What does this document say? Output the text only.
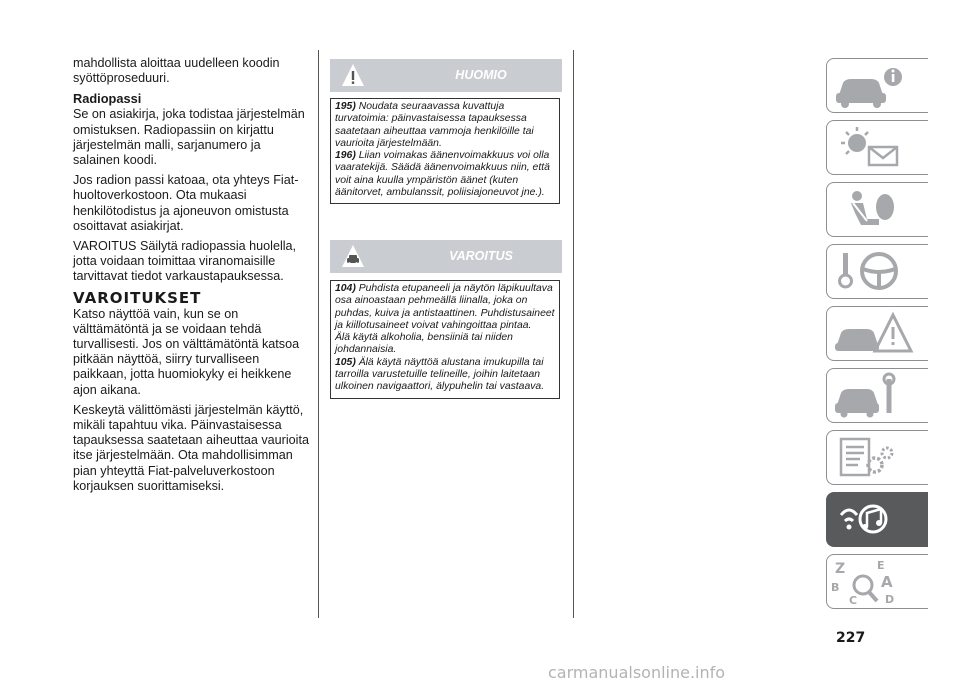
mahdollista aloittaa uudelleen koodin syöttöproseduuri.

Radiopassi

Se on asiakirja, joka todistaa järjestelmän omistuksen. Radiopassiin on kirjattu järjestelmän malli, sarjanumero ja salainen koodi.

Jos radion passi katoaa, ota yhteys Fiat-huoltoverkostoon. Ota mukaasi henkilötodistus ja ajoneuvon omistusta osoittavat asiakirjat.

VAROITUS Säilytä radiopassia huolella, jotta voidaan toimittaa viranomaisille tarvittavat tiedot varkaustapauksessa.

VAROITUKSET

Katso näyttöä vain, kun se on välttämätöntä ja se voidaan tehdä turvallisesti. Jos on välttämätöntä katsoa pitkään näyttöä, siirry turvalliseen paikkaan, jotta huomiokyky ei heikkene ajon aikana.

Keskeytä välittömästi järjestelmän käyttö, mikäli tapahtuu vika. Päinvastaisessa tapauksessa saatetaan aiheuttaa vaurioita itse järjestelmään. Ota mahdollisimman pian yhteyttä Fiat-palveluverkostoon korjauksen suorittamiseksi.

HUOMIO

195) Noudata seuraavassa kuvattuja turvatoimia: päinvastaisessa tapauksessa saatetaan aiheuttaa vammoja henkilöille tai vaurioita järjestelmään.

196) Liian voimakas äänenvoimakkuus voi olla vaaratekijä. Säädä äänenvoimakkuus niin, että voit aina kuulla ympäristön äänet (kuten äänitorvet, ambulanssit, poliisiajoneuvot jne.).

VAROITUS

104) Puhdista etupaneeli ja näytön läpikuultava osa ainoastaan pehmeällä liinalla, joka on puhdas, kuiva ja antistaattinen. Puhdistusaineet ja kiillotusaineet voivat vahingoittaa pintaa.

Älä käytä alkoholia, bensiiniä tai niiden johdannaisia.

105) Älä käytä näyttöä alustana imukupilla tai tarroilla varustetuille telineille, joihin laitetaan ulkoinen navigaattori, älypuhelin tai vastaava.

Z	E
B	A
C	D
227
carmanualsonline.info
